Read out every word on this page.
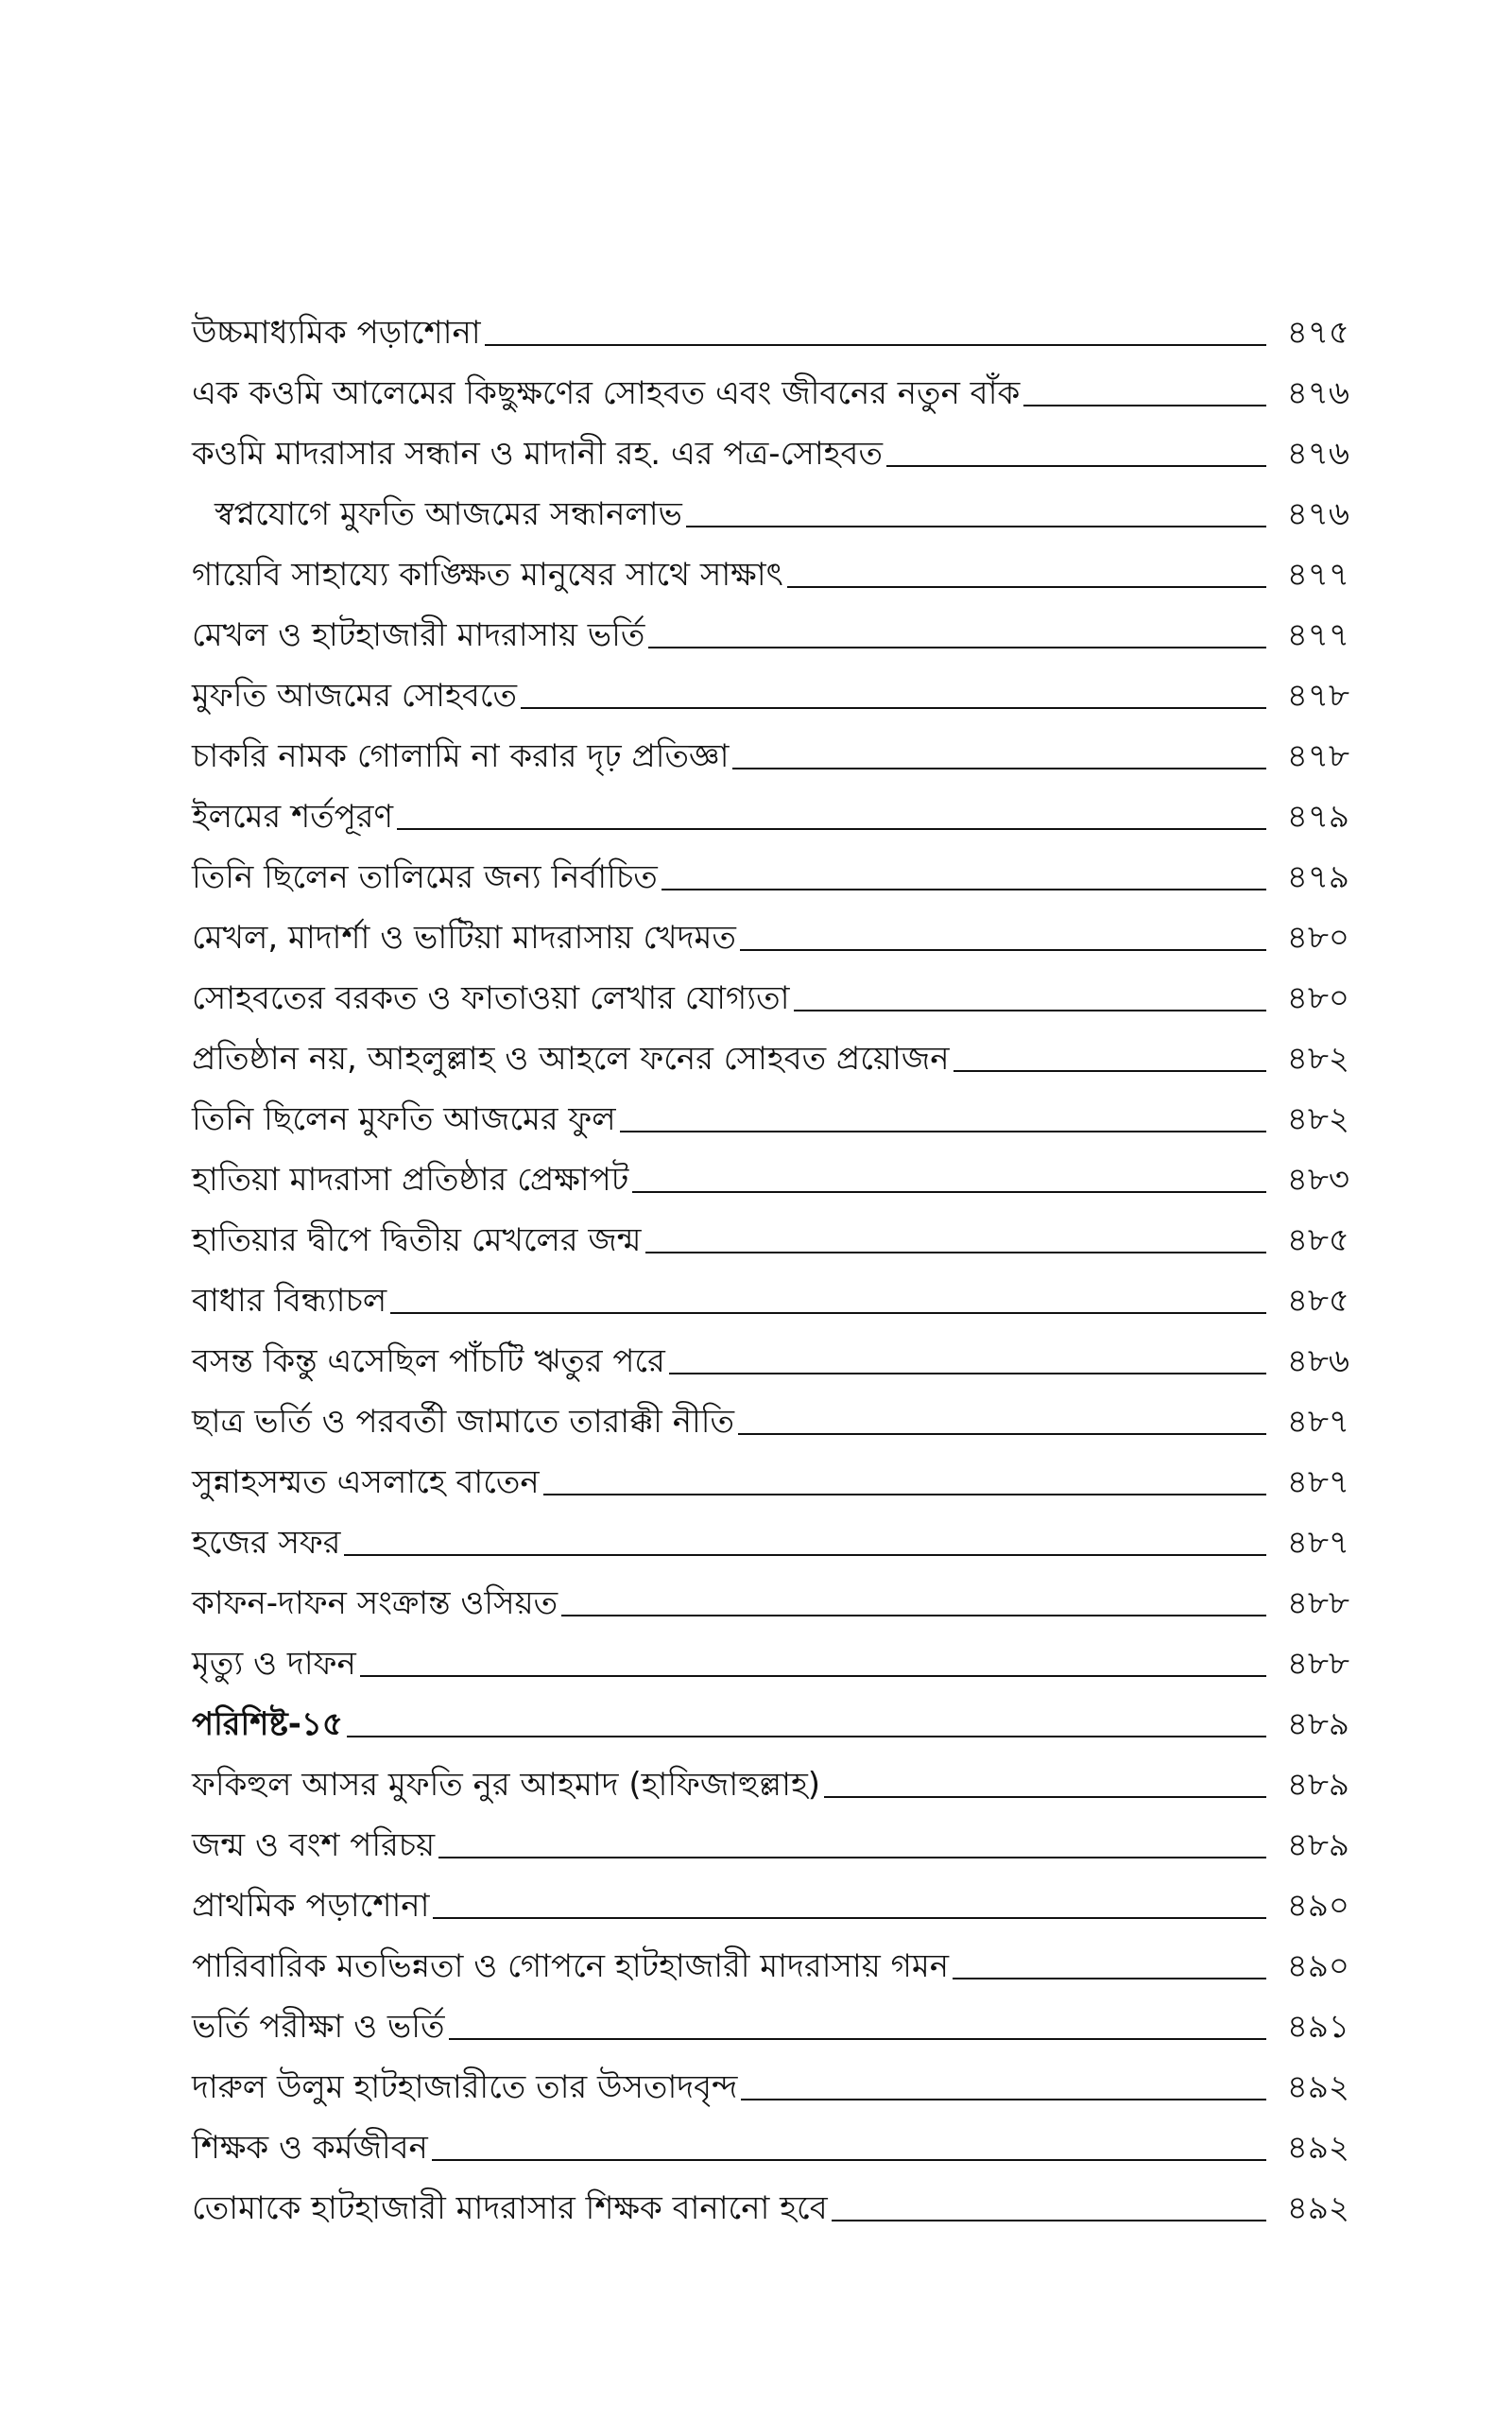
উচ্চমাধ্যমিক পড়াশোনা	৪৭৫
এক কওমি আলেমের কিছুক্ষণের সোহবত এবং জীবনের নতুন বাঁক	৪৭৬
কওমি মাদরাসার সন্ধান ও মাদানী রহ. এর পত্র-সোহবত	৪৭৬
স্বপ্নযোগে মুফতি আজমের সন্ধানলাভ	৪৭৬
গায়েবি সাহায্যে কাঙ্ক্ষিত মানুষের সাথে সাক্ষাৎ	৪৭৭
মেখল ও হাটহাজারী মাদরাসায় ভর্তি	৪৭৭
মুফতি আজমের সোহবতে	৪৭৮
চাকরি নামক গোলামি না করার দৃঢ় প্রতিজ্ঞা	৪৭৮
ইলমের শর্তপূরণ	৪৭৯
তিনি ছিলেন তালিমের জন্য নির্বাচিত	৪৭৯
মেখল, মাদার্শা ও ভাটিয়া মাদরাসায় খেদমত	৪৮০
সোহবতের বরকত ও ফাতাওয়া লেখার যোগ্যতা	৪৮০
প্রতিষ্ঠান নয়, আহলুল্লাহ ও আহলে ফনের সোহবত প্রয়োজন	৪৮২
তিনি ছিলেন মুফতি আজমের ফুল	৪৮২
হাতিয়া মাদরাসা প্রতিষ্ঠার প্রেক্ষাপট	৪৮৩
হাতিয়ার দ্বীপে দ্বিতীয় মেখলের জন্ম	৪৮৫
বাধার বিন্ধ্যাচল	৪৮৫
বসন্ত কিন্তু এসেছিল পাঁচটি ঋতুর পরে	৪৮৬
ছাত্র ভর্তি ও পরবর্তী জামাতে তারাক্কী নীতি	৪৮৭
সুন্নাহসম্মত এসলাহে বাতেন	৪৮৭
হজের সফর	৪৮৭
কাফন-দাফন সংক্রান্ত ওসিয়ত	৪৮৮
মৃত্যু ও দাফন	৪৮৮
পরিশিষ্ট-১৫	৪৮৯
ফকিহুল আসর মুফতি নুর আহমাদ (হাফিজাহুল্লাহ)	৪৮৯
জন্ম ও বংশ পরিচয়	৪৮৯
প্রাথমিক পড়াশোনা	৪৯০
পারিবারিক মতভিন্নতা ও গোপনে হাটহাজারী মাদরাসায় গমন	৪৯০
ভর্তি পরীক্ষা ও ভর্তি	৪৯১
দারুল উলুম হাটহাজারীতে তার উসতাদবৃন্দ	৪৯২
শিক্ষক ও কর্মজীবন	৪৯২
তোমাকে হাটহাজারী মাদরাসার শিক্ষক বানানো হবে	৪৯২
